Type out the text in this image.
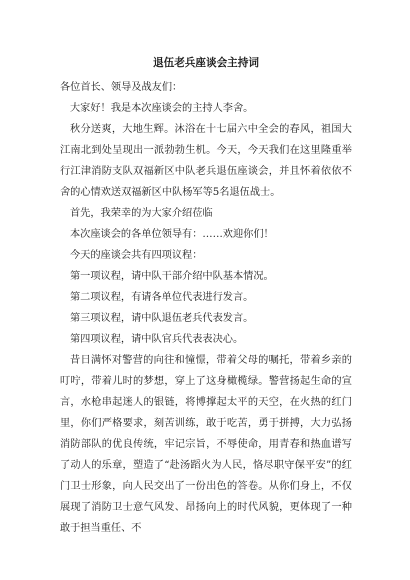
退伍老兵座谈会主持词

各位首长、领导及战友们：

大家好！我是本次座谈会的主持人李舍。

秋分送爽，大地生辉。沐浴在十七届六中全会的春风，祖国大江南北到处呈现出一派勃勃生机。今天，今天我们在这里隆重举行江津消防支队双福新区中队老兵退伍座谈会，并且怀着依依不舍的心情欢送双福新区中队杨军等5名退伍战士。

首先，我荣幸的为大家介绍莅临

本次座谈会的各单位领导有：……欢迎你们！

今天的座谈会共有四项议程：

第一项议程，请中队干部介绍中队基本情况。

第二项议程，有请各单位代表进行发言。

第三项议程，请中队退伍老兵代表发言。

第四项议程，请中队官兵代表表决心。

昔日满怀对警营的向往和憧憬，带着父母的嘱托，带着乡亲的叮咛，带着儿时的梦想，穿上了这身橄榄绿。警营扬起生命的宣言，水枪串起迷人的银链，将博撑起太平的天空，在火热的红门里，你们严格要求，刻苦训练，敢于吃苦，勇于拼搏，大力弘扬消防部队的优良传统，牢记宗旨，不辱使命，用青春和热血谱写了动人的乐章，塑造了“赴汤蹈火为人民，恪尽职守保平安”的红门卫士形象，向人民交出了一份出色的答卷。从你们身上，不仅展现了消防卫士意气风发、昂扬向上的时代风貌，更体现了一种敢于担当重任、不
